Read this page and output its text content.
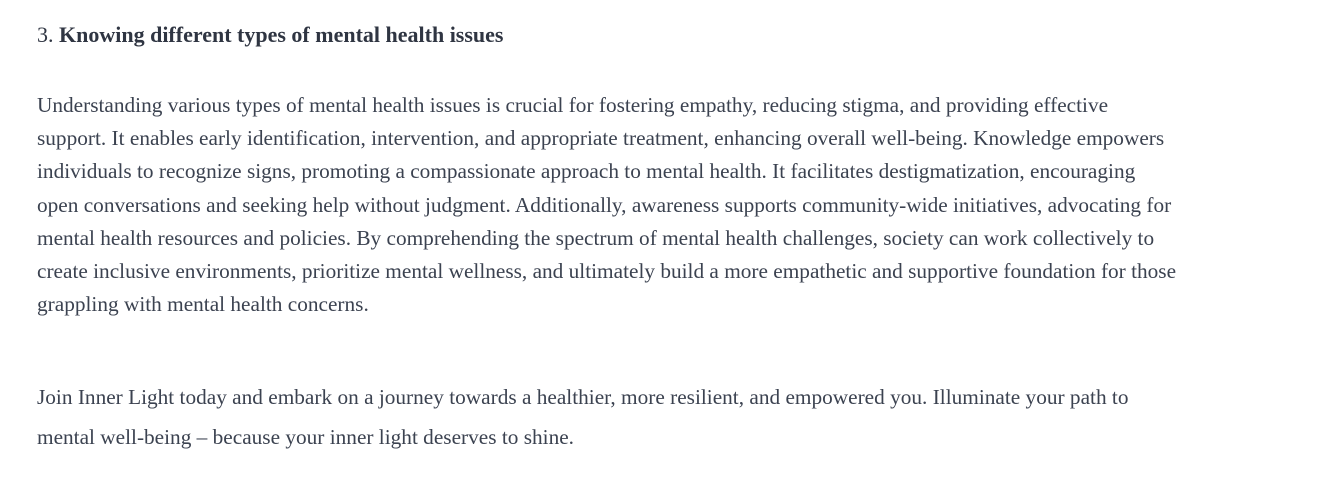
3. Knowing different types of mental health issues

Understanding various types of mental health issues is crucial for fostering empathy, reducing stigma, and providing effective support. It enables early identification, intervention, and appropriate treatment, enhancing overall well-being. Knowledge empowers individuals to recognize signs, promoting a compassionate approach to mental health. It facilitates destigmatization, encouraging open conversations and seeking help without judgment. Additionally, awareness supports community-wide initiatives, advocating for mental health resources and policies. By comprehending the spectrum of mental health challenges, society can work collectively to create inclusive environments, prioritize mental wellness, and ultimately build a more empathetic and supportive foundation for those grappling with mental health concerns.

Join Inner Light today and embark on a journey towards a healthier, more resilient, and empowered you. Illuminate your path to mental well-being – because your inner light deserves to shine.
